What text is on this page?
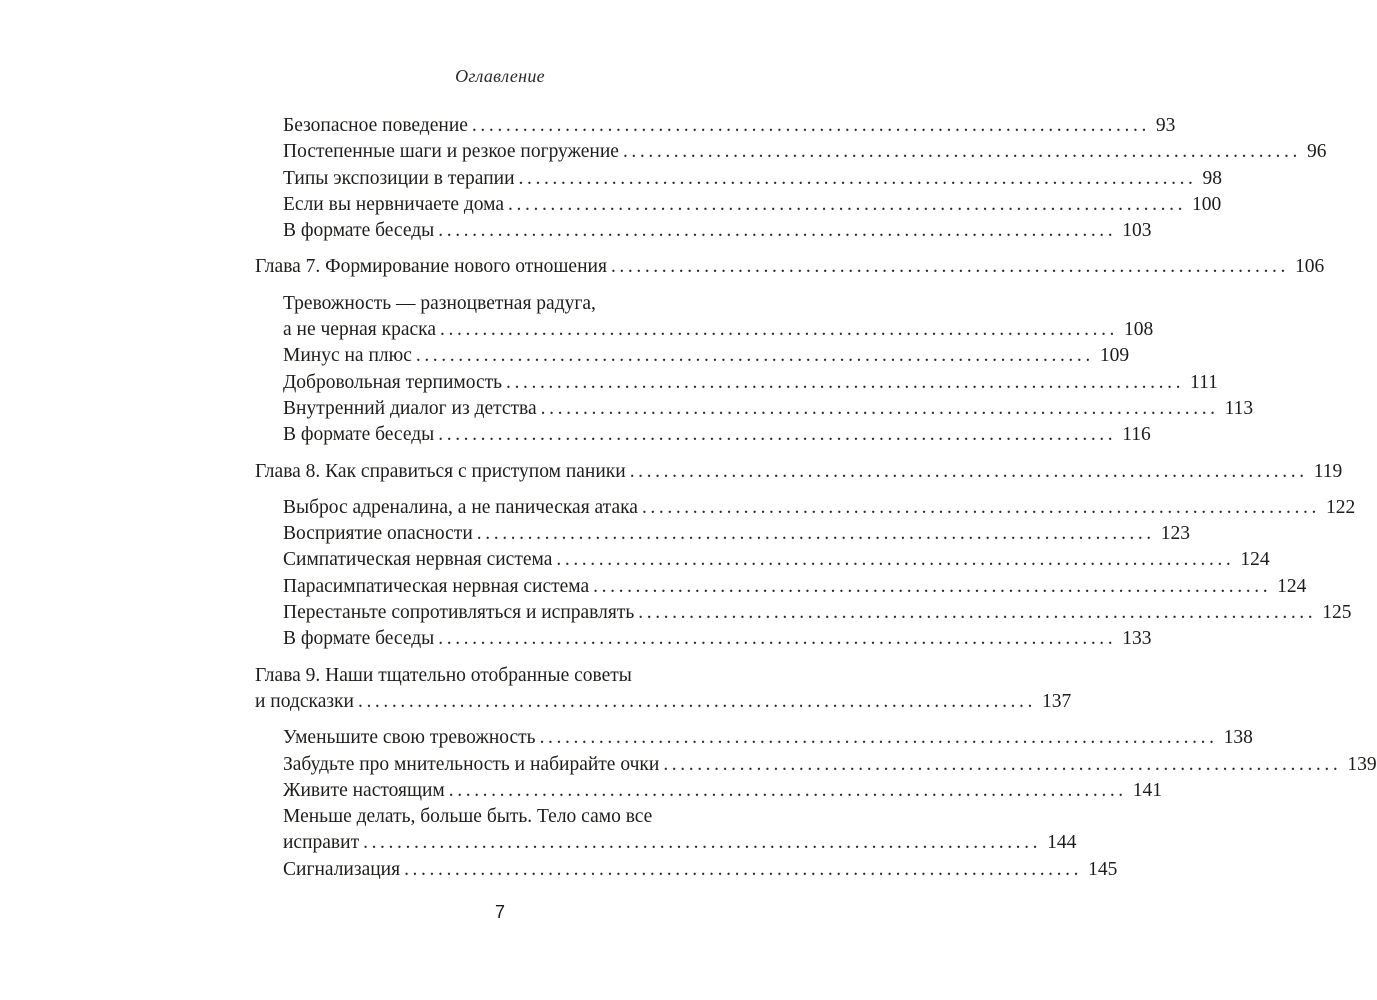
Оглавление
Безопасное поведение ................................................................................ 93
Постепенные шаги и резкое погружение ................................................................................ 96
Типы экспозиции в терапии ................................................................................ 98
Если вы нервничаете дома ................................................................................ 100
В формате беседы ................................................................................ 103
Глава 7. Формирование нового отношения ................................................................................ 106
Тревожность — разноцветная радуга,
а не черная краска ................................................................................ 108
Минус на плюс ................................................................................ 109
Добровольная терпимость ................................................................................ 111
Внутренний диалог из детства ................................................................................ 113
В формате беседы ................................................................................ 116
Глава 8. Как справиться с приступом паники ................................................................................ 119
Выброс адреналина, а не паническая атака ................................................................................ 122
Восприятие опасности ................................................................................ 123
Симпатическая нервная система ................................................................................ 124
Парасимпатическая нервная система ................................................................................ 124
Перестаньте сопротивляться и исправлять ................................................................................ 125
В формате беседы ................................................................................ 133
Глава 9. Наши тщательно отобранные советы
и подсказки ................................................................................ 137
Уменьшите свою тревожность ................................................................................ 138
Забудьте про мнительность и набирайте очки ................................................................................ 139
Живите настоящим ................................................................................ 141
Меньше делать, больше быть. Тело само все
исправит ................................................................................ 144
Сигнализация ................................................................................ 145
7
